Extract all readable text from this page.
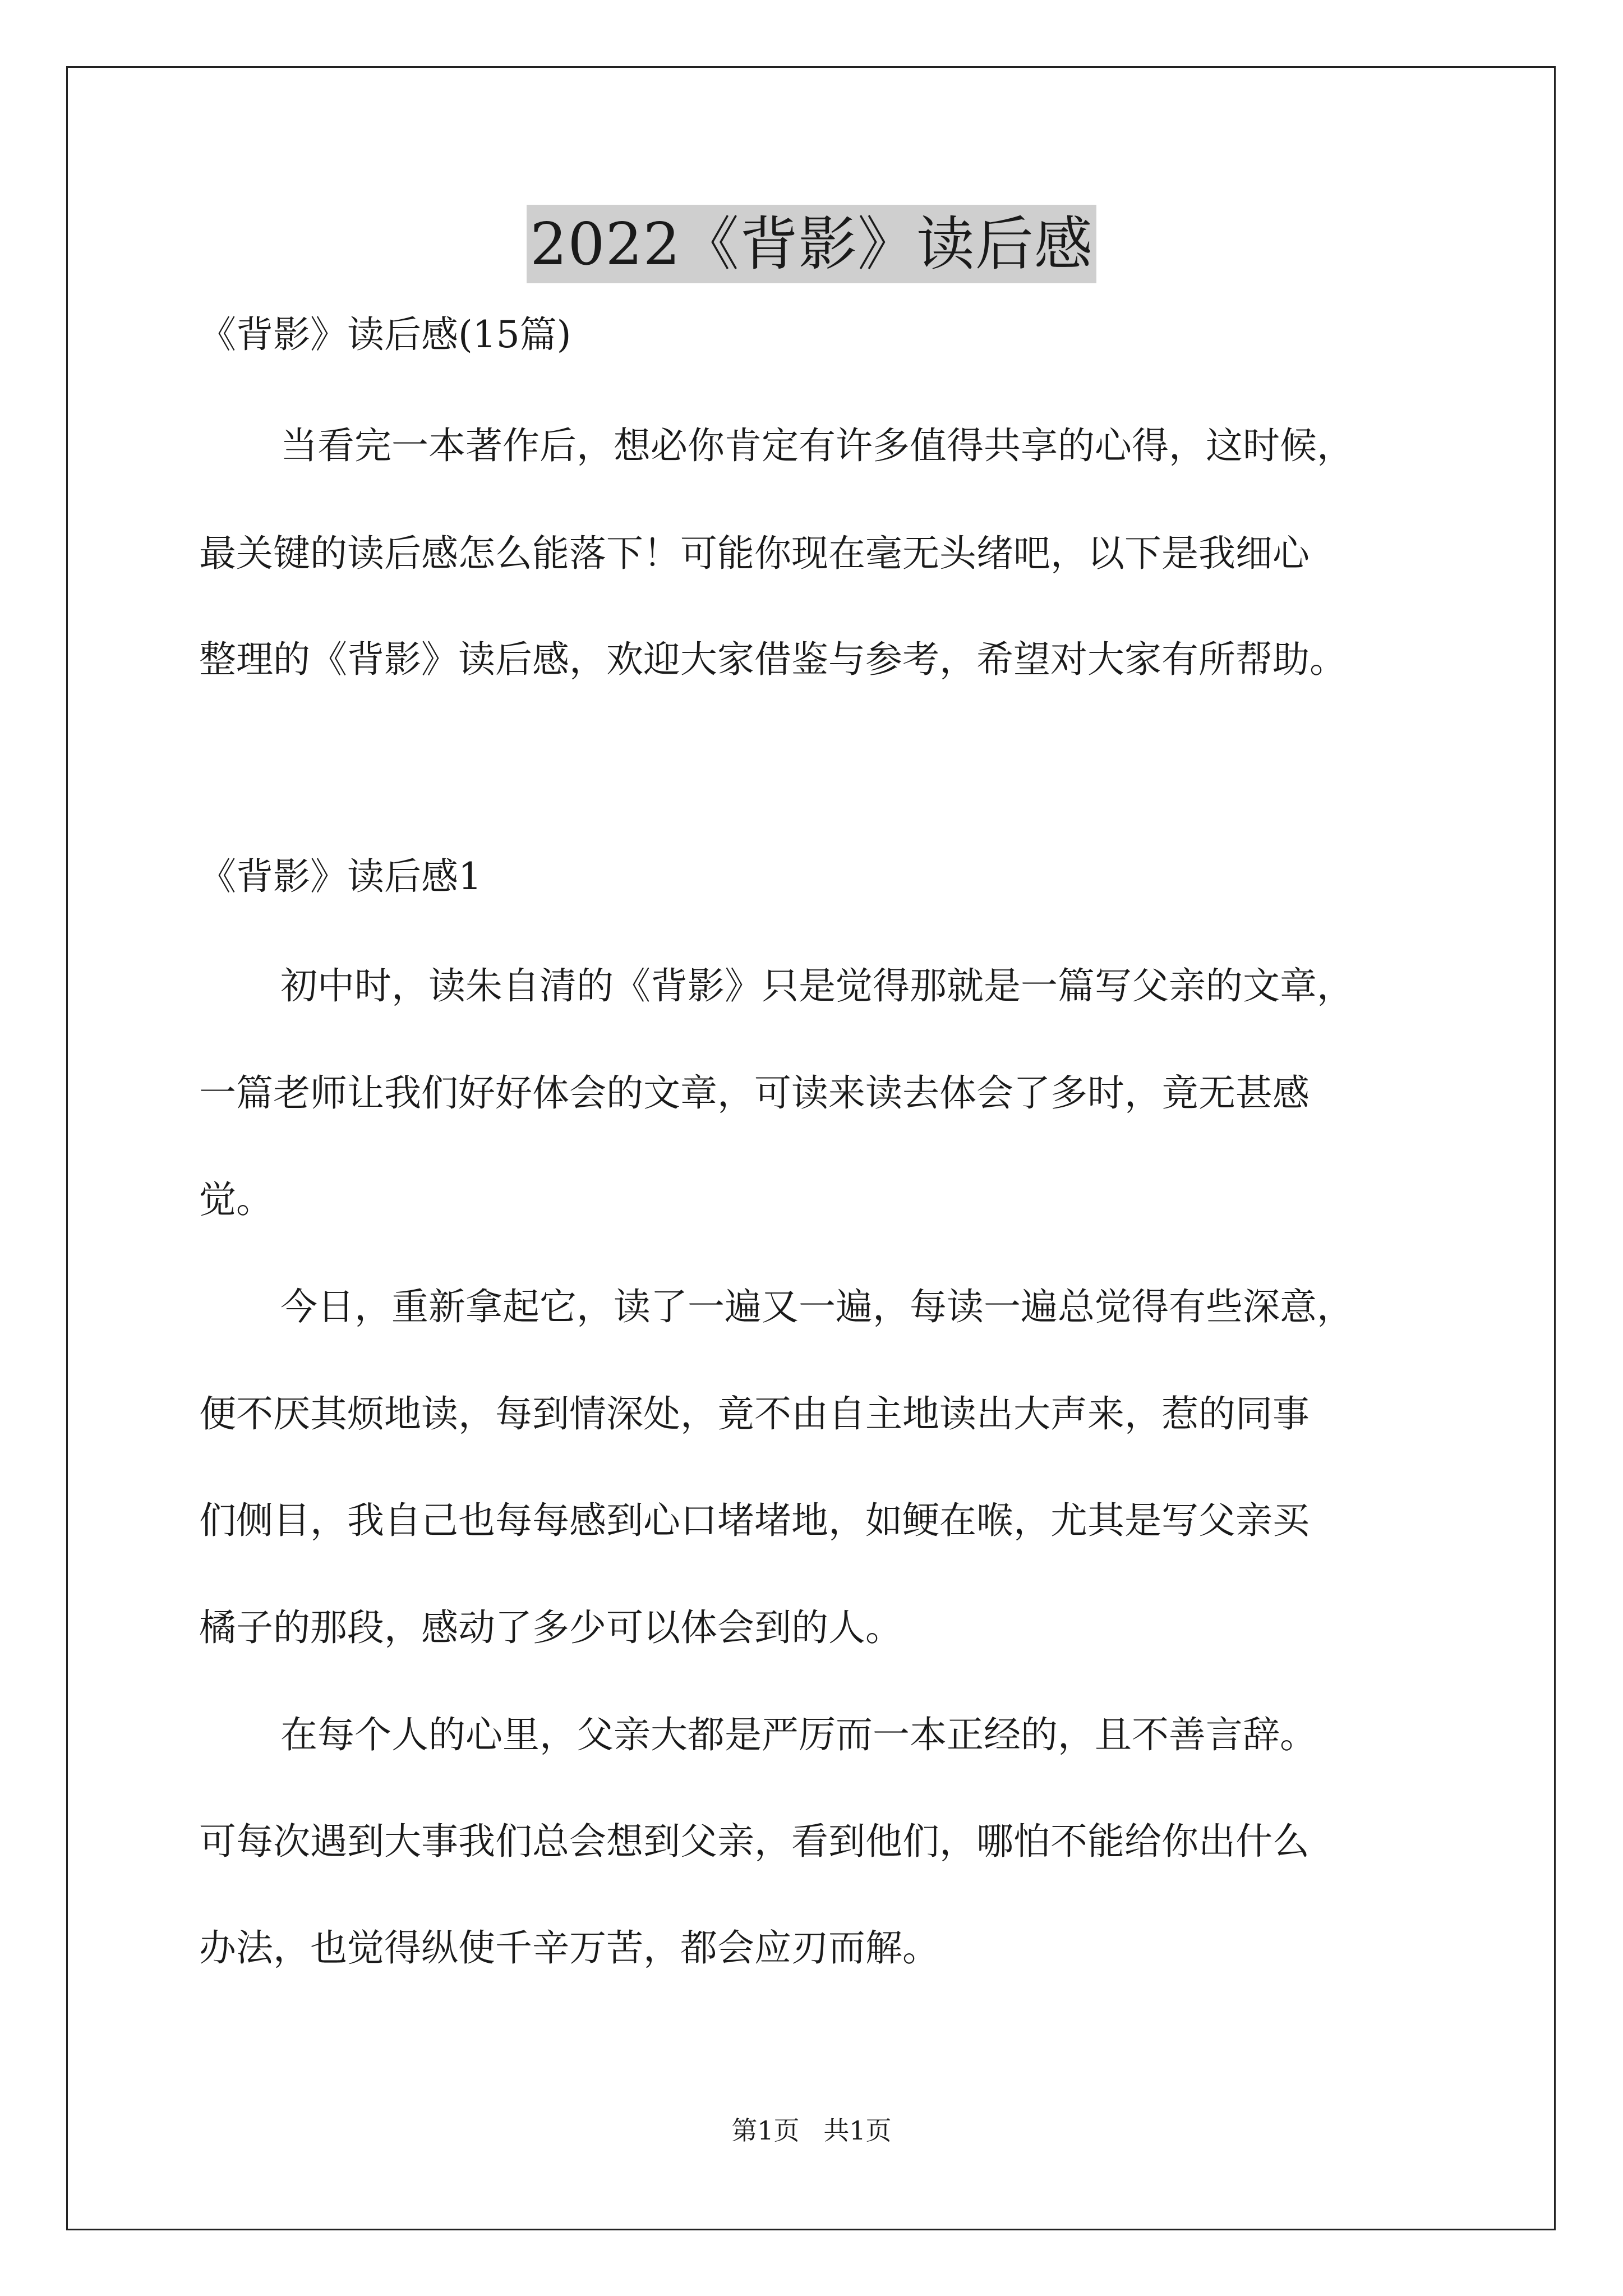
2022《背影》读后感
《背影》读后感(15篇)
当看完一本著作后，想必你肯定有许多值得共享的心得，这时候，
最关键的读后感怎么能落下！可能你现在毫无头绪吧，以下是我细心
整理的《背影》读后感，欢迎大家借鉴与参考，希望对大家有所帮助。
《背影》读后感1
初中时，读朱自清的《背影》只是觉得那就是一篇写父亲的文章，
一篇老师让我们好好体会的文章，可读来读去体会了多时，竟无甚感
觉。
今日，重新拿起它，读了一遍又一遍，每读一遍总觉得有些深意，
便不厌其烦地读，每到情深处，竟不由自主地读出大声来，惹的同事
们侧目，我自己也每每感到心口堵堵地，如鲠在喉，尤其是写父亲买
橘子的那段，感动了多少可以体会到的人。
在每个人的心里，父亲大都是严厉而一本正经的，且不善言辞。
可每次遇到大事我们总会想到父亲，看到他们，哪怕不能给你出什么
办法，也觉得纵使千辛万苦，都会应刃而解。
第1页 共1页
